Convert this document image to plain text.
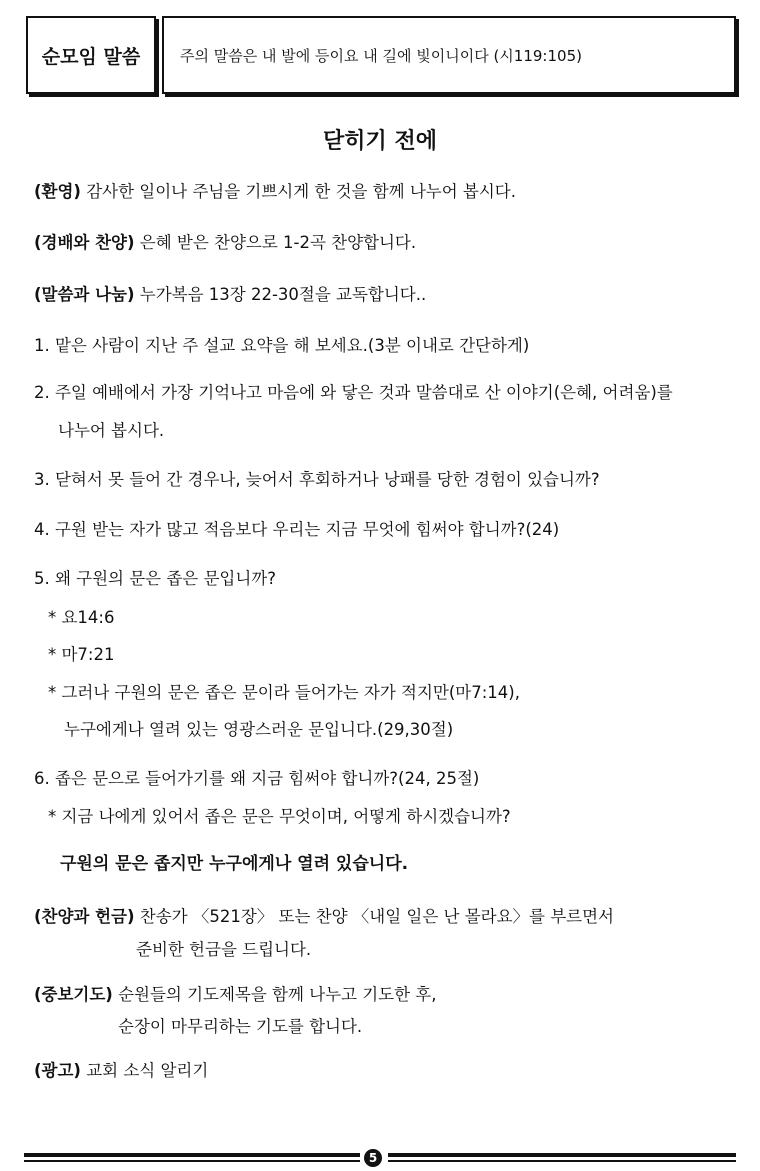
순모임 말씀	주의 말씀은 내 발에 등이요 내 길에 빛이니이다 (시119:105)
닫히기 전에
(환영) 감사한 일이나 주님을 기쁘시게 한 것을 함께 나누어 봅시다.
(경배와 찬양) 은혜 받은 찬양으로 1-2곡 찬양합니다.
(말씀과 나눔) 누가복음 13장 22-30절을 교독합니다..
1. 맡은 사람이 지난 주 설교 요약을 해 보세요.(3분 이내로 간단하게)
2. 주일 예배에서 가장 기억나고 마음에 와 닿은 것과 말씀대로 산 이야기(은혜, 어려움)를
나누어 봅시다.
3. 닫혀서 못 들어 간 경우나, 늦어서 후회하거나 낭패를 당한 경험이 있습니까?
4. 구원 받는 자가 많고 적음보다 우리는 지금 무엇에 힘써야 합니까?(24)
5. 왜 구원의 문은 좁은 문입니까?
* 요14:6
* 마7:21
* 그러나 구원의 문은 좁은 문이라 들어가는 자가 적지만(마7:14),
누구에게나 열려 있는 영광스러운 문입니다.(29,30절)
6. 좁은 문으로 들어가기를 왜 지금 힘써야 합니까?(24, 25절)
* 지금 나에게 있어서 좁은 문은 무엇이며, 어떻게 하시겠습니까?
구원의 문은 좁지만 누구에게나 열려 있습니다.
(찬양과 헌금) 찬송가 〈521장〉 또는 찬양 〈내일 일은 난 몰라요〉를 부르면서
준비한 헌금을 드립니다.
(중보기도) 순원들의 기도제목을 함께 나누고 기도한 후,
순장이 마무리하는 기도를 합니다.
(광고) 교회 소식 알리기
5
